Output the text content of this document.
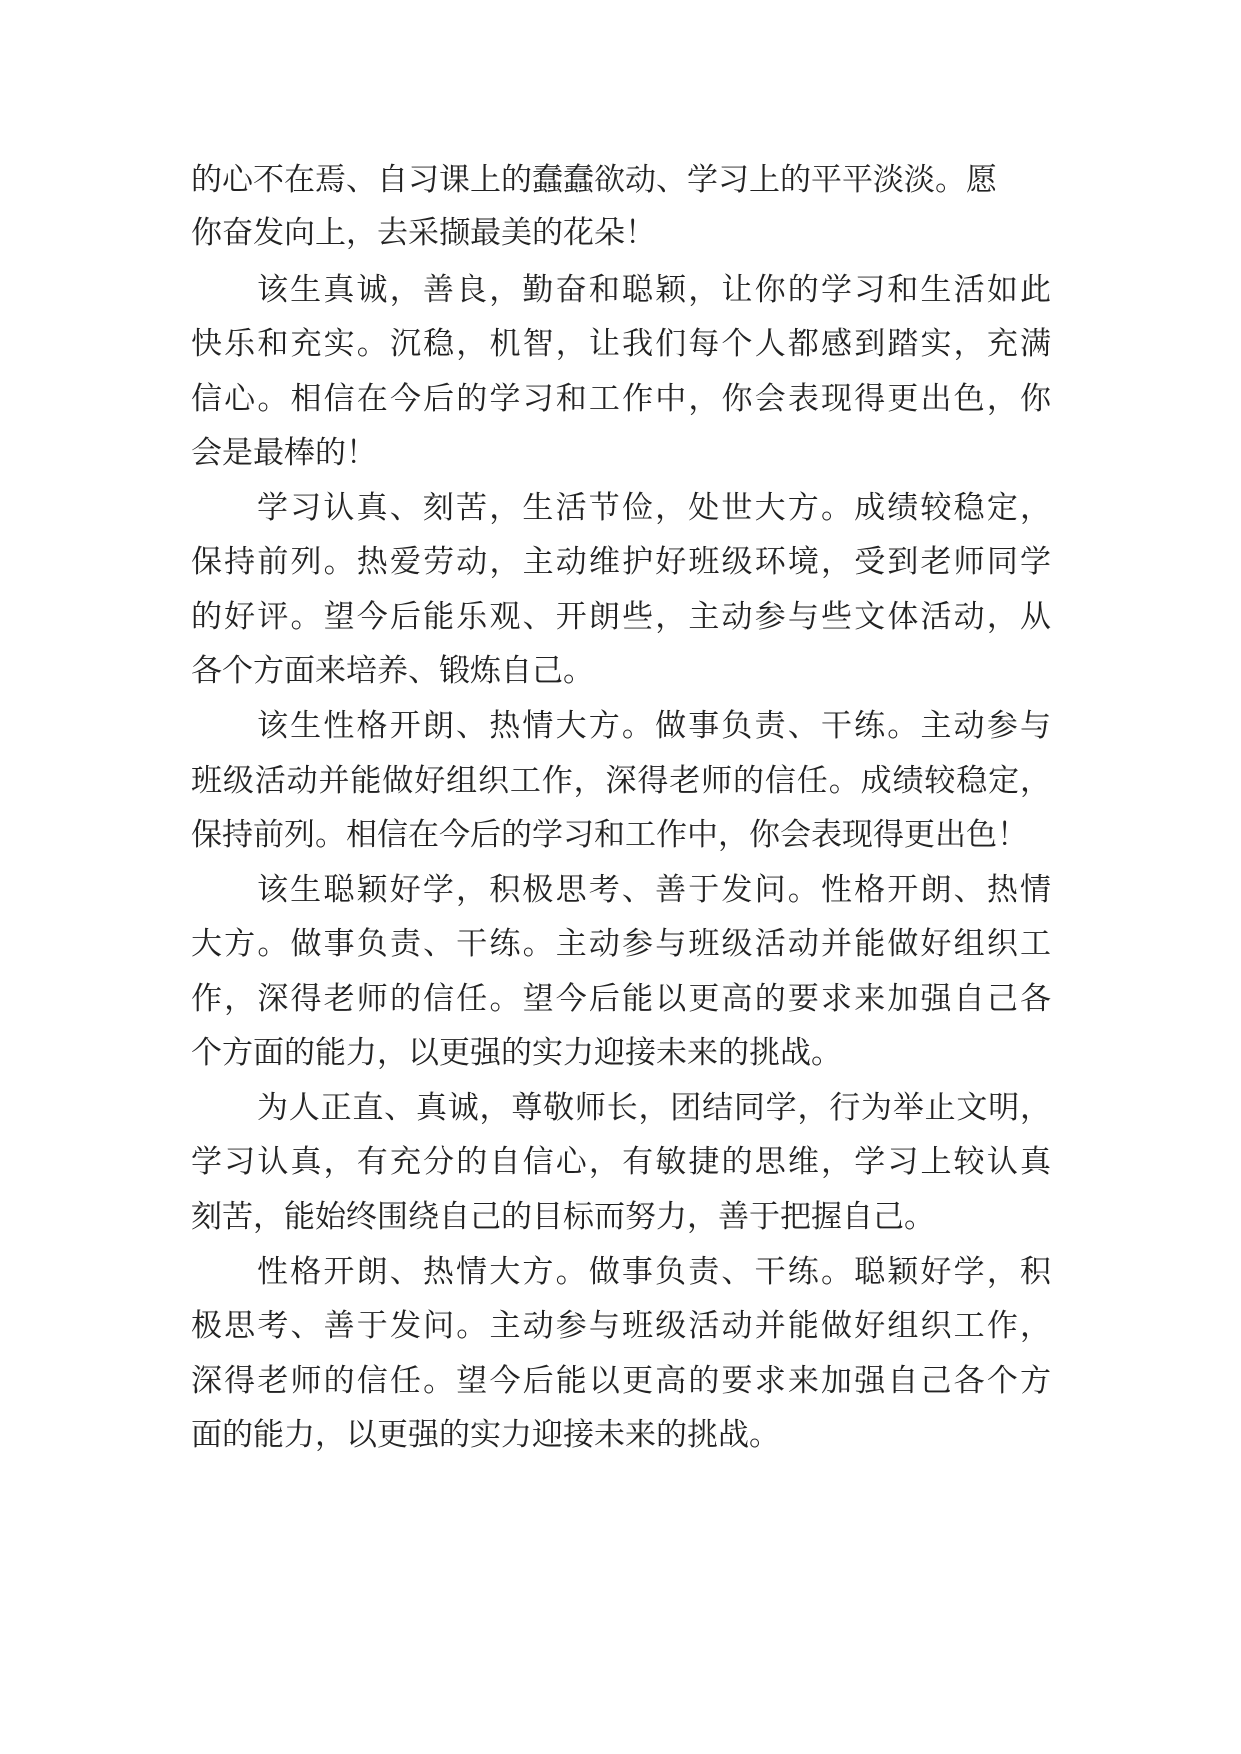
的心不在焉、自习课上的蠢蠢欲动、学习上的平平淡淡。愿
你奋发向上，去采撷最美的花朵！
该生真诚，善良，勤奋和聪颖，让你的学习和生活如此
快乐和充实。沉稳，机智，让我们每个人都感到踏实，充满
信心。相信在今后的学习和工作中，你会表现得更出色，你
会是最棒的！
学习认真、刻苦，生活节俭，处世大方。成绩较稳定，
保持前列。热爱劳动，主动维护好班级环境，受到老师同学
的好评。望今后能乐观、开朗些，主动参与些文体活动，从
各个方面来培养、锻炼自己。
该生性格开朗、热情大方。做事负责、干练。主动参与
班级活动并能做好组织工作，深得老师的信任。成绩较稳定，
保持前列。相信在今后的学习和工作中，你会表现得更出色！
该生聪颖好学，积极思考、善于发问。性格开朗、热情
大方。做事负责、干练。主动参与班级活动并能做好组织工
作，深得老师的信任。望今后能以更高的要求来加强自己各
个方面的能力，以更强的实力迎接未来的挑战。
为人正直、真诚，尊敬师长，团结同学，行为举止文明，
学习认真，有充分的自信心，有敏捷的思维，学习上较认真
刻苦，能始终围绕自己的目标而努力，善于把握自己。
性格开朗、热情大方。做事负责、干练。聪颖好学，积
极思考、善于发问。主动参与班级活动并能做好组织工作，
深得老师的信任。望今后能以更高的要求来加强自己各个方
面的能力，以更强的实力迎接未来的挑战。
